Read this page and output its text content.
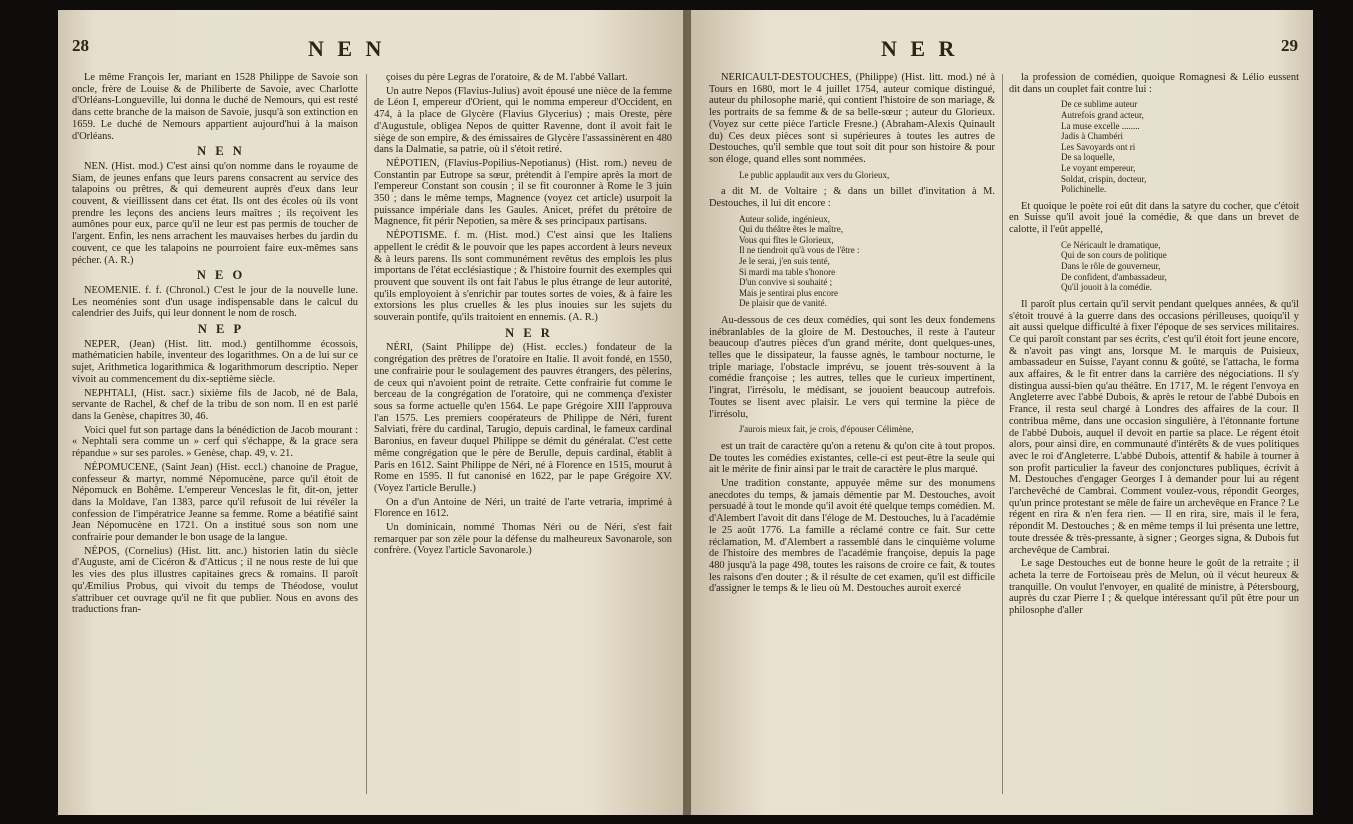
28	N E N

Le même François Ier, mariant en 1528 Philippe de Savoie son oncle, frère de Louise & de Philiberte de Savoie, avec Charlotte d'Orléans-Longueville, lui donna le duché de Nemours, qui est resté dans cette branche de la maison de Savoie, jusqu'à son extinction en 1659. Le duché de Nemours appartient aujourd'hui à la maison d'Orléans.

N E N

NEN. (Hist. mod.) C'est ainsi qu'on nomme dans le royaume de Siam, de jeunes enfans que leurs parens consacrent au service des talapoins ou prêtres, & qui demeurent auprès d'eux dans leur couvent, & vieillissent dans cet état. Ils ont des écoles où ils vont prendre les leçons des anciens leurs maîtres ; ils reçoivent les aumônes pour eux, parce qu'il ne leur est pas permis de toucher de l'argent. Enfin, les nens arrachent les mauvaises herbes du jardin du couvent, ce que les talapoins ne pourroient faire eux-mêmes sans pécher. (A. R.)

N E O

NEOMENIE. f. f. (Chronol.) C'est le jour de la nouvelle lune. Les neoménies sont d'un usage indispensable dans le calcul du calendrier des Juifs, qui leur donnent le nom de rosch.

N E P

NEPER, (Jean) (Hist. litt. mod.) gentilhomme écossois, mathématicien habile, inventeur des logarithmes. On a de lui sur ce sujet, Arithmetica logarithmica & logarithmorum descriptio. Neper vivoit au commencement du dix-septième siècle.

NEPHTALI, (Hist. sacr.) sixième fils de Jacob, né de Bala, servante de Rachel, & chef de la tribu de son nom. Il en est parlé dans la Genèse, chapitres 30, 46.

Voici quel fut son partage dans la bénédiction de Jacob mourant : « Nephtali sera comme un » cerf qui s'échappe, & la grace sera répandue » sur ses paroles. » Genèse, chap. 49, v. 21.

NÉPOMUCENE, (Saint Jean) (Hist. eccl.) chanoine de Prague, confesseur & martyr, nommé Népomucène, parce qu'il étoit de Népomuck en Bohême. L'empereur Venceslas le fit, dit-on, jetter dans la Moldave, l'an 1383, parce qu'il refusoit de lui révéler la confession de l'impératrice Jeanne sa femme. Rome a béatifié saint Jean Népomucène en 1721. On a institué sous son nom une confrairie pour demander le bon usage de la langue.

NÉPOS, (Cornelius) (Hist. litt. anc.) historien latin du siècle d'Auguste, ami de Cicéron & d'Atticus ; il ne nous reste de lui que les vies des plus illustres capitaines grecs & romains. Il paroît qu'Æmilius Probus, qui vivoit du temps de Théodose, voulut s'attribuer cet ouvrage qu'il ne fit que publier. Nous en avons des traductions fran-

çoises du père Legras de l'oratoire, & de M. l'abbé Vallart.

Un autre Nepos (Flavius-Julius) avoit épousé une nièce de la femme de Léon I, empereur d'Orient, qui le nomma empereur d'Occident, en 474, à la place de Glycère (Flavius Glycerius) ; mais Oreste, père d'Augustule, obligea Nepos de quitter Ravenne, dont il avoit fait le siège de son empire, & des émissaires de Glycère l'assassinèrent en 480 dans la Dalmatie, sa patrie, où il s'étoit retiré.

NÉPOTIEN, (Flavius-Popilius-Nepotianus) (Hist. rom.) neveu de Constantin par Eutrope sa sœur, prétendit à l'empire après la mort de l'empereur Constant son cousin ; il se fit couronner à Rome le 3 juin 350 ; dans le même temps, Magnence (voyez cet article) usurpoit la puissance impériale dans les Gaules. Anicet, préfet du prétoire de Magnence, fit périr Nepotien, sa mère & ses principaux partisans.

NÉPOTISME. f. m. (Hist. mod.) C'est ainsi que les Italiens appellent le crédit & le pouvoir que les papes accordent à leurs neveux & à leurs parens. Ils sont communément revêtus des emplois les plus importans de l'état ecclésiastique ; & l'histoire fournit des exemples qui prouvent que souvent ils ont fait l'abus le plus étrange de leur autorité, qu'ils employoient à s'enrichir par toutes sortes de voies, & à faire les extorsions les plus cruelles & les plus inouies sur les sujets du souverain pontife, qu'ils traitoient en ennemis. (A. R.)

N E R

NÉRI, (Saint Philippe de) (Hist. eccles.) fondateur de la congrégation des prêtres de l'oratoire en Italie. Il avoit fondé, en 1550, une confrairie pour le soulagement des pauvres étrangers, des pèlerins, de ceux qui n'avoient point de retraite. Cette confrairie fut comme le berceau de la congrégation de l'oratoire, qui ne commença d'exister sous sa forme actuelle qu'en 1564. Le pape Grégoire XIII l'approuva l'an 1575. Les premiers coopérateurs de Philippe de Néri, furent Salviati, frère du cardinal, Tarugio, depuis cardinal, le fameux cardinal Baronius, en faveur duquel Philippe se démit du généralat. C'est cette même congrégation que le père de Berulle, depuis cardinal, établit à Paris en 1612. Saint Philippe de Néri, né à Florence en 1515, mourut à Rome en 1595. Il fut canonisé en 1622, par le pape Grégoire XV. (Voyez l'article Berulle.)

On a d'un Antoine de Néri, un traité de l'arte vetraria, imprimé à Florence en 1612.

Un dominicain, nommé Thomas Néri ou de Néri, s'est fait remarquer par son zèle pour la défense du malheureux Savonarole, son confrère. (Voyez l'article Savonarole.)

N E R	29

NÉRICAULT-DESTOUCHES, (Philippe) (Hist. litt. mod.) né à Tours en 1680, mort le 4 juillet 1754, auteur comique distingué, auteur du philosophe marié, qui contient l'histoire de son mariage, & les portraits de sa femme & de sa belle-sœur ; auteur du Glorieux. (Voyez sur cette pièce l'article Fresne.) (Abraham-Alexis Quinault du) Ces deux pièces sont si supérieures à toutes les autres de Destouches, qu'il semble que tout soit dit pour son histoire & pour son éloge, quand elles sont nommées.

Le public applaudit aux vers du Glorieux,

a dit M. de Voltaire ; & dans un billet d'invitation à M. Destouches, il lui dit encore :

Auteur solide, ingénieux,
Qui du théâtre êtes le maître,
Vous qui fîtes le Glorieux,
Il ne tiendroit qu'à vous de l'être :
Je le serai, j'en suis tenté,
Si mardi ma table s'honore
D'un convive si souhaité ;
Mais je sentirai plus encore
De plaisir que de vanité.

Au-dessous de ces deux comédies, qui sont les deux fondemens inébranlables de la gloire de M. Destouches, il reste à l'auteur beaucoup d'autres pièces d'un grand mérite, dont quelques-unes, telles que le dissipateur, la fausse agnès, le tambour nocturne, le triple mariage, l'obstacle imprévu, se jouent très-souvent à la comédie françoise ; les autres, telles que le curieux impertinent, l'ingrat, l'irrésolu, le médisant, se jouoient beaucoup autrefois. Toutes se lisent avec plaisir. Le vers qui termine la pièce de l'irrésolu,

J'aurois mieux fait, je crois, d'épouser Célimène,

est un trait de caractère qu'on a retenu & qu'on cite à tout propos. De toutes les comédies existantes, celle-ci est peut-être la seule qui ait le mérite de finir ainsi par le trait de caractère le plus marqué.

Une tradition constante, appuyée même sur des monumens anecdotes du temps, & jamais démentie par M. Destouches, avoit persuadé à tout le monde qu'il avoit été quelque temps comédien. M. d'Alembert l'avoit dit dans l'éloge de M. Destouches, lu à l'académie le 25 août 1776. La famille a réclamé contre ce fait. Sur cette réclamation, M. d'Alembert a rassemblé dans le cinquième volume de l'histoire des membres de l'académie françoise, depuis la page 480 jusqu'à la page 498, toutes les raisons de croire ce fait, & toutes les raisons d'en douter ; & il résulte de cet examen, qu'il est difficile d'assigner le temps & le lieu où M. Destouches auroit exercé

la profession de comédien, quoique Romagnesi & Lélio eussent dit dans un couplet fait contre lui :

De ce sublime auteur
Autrefois grand acteur,
La muse excelle ........
Jadis à Chambéri
Les Savoyards ont ri
De sa loquelle,
Le voyant empereur,
Soldat, crispin, docteur,
Polichinelle.

Et quoique le poète roi eût dit dans la satyre du cocher, que c'étoit en Suisse qu'il avoit joué la comédie, & que dans un brevet de calotte, il l'eût appellé,

Ce Néricault le dramatique,
Qui de son cours de politique
Dans le rôle de gouverneur,
De confident, d'ambassadeur,
Qu'il jouoit à la comédie.

Il paroît plus certain qu'il servit pendant quelques années, & qu'il s'étoit trouvé à la guerre dans des occasions périlleuses, quoiqu'il y ait aussi quelque difficulté à fixer l'époque de ses services militaires. Ce qui paroît constant par ses écrits, c'est qu'il étoit fort jeune encore, & n'avoit pas vingt ans, lorsque M. le marquis de Puisieux, ambassadeur en Suisse, l'ayant connu & goûté, se l'attacha, le forma aux affaires, & le fit entrer dans la carrière des négociations. Il s'y distingua aussi-bien qu'au théâtre. En 1717, M. le régent l'envoya en Angleterre avec l'abbé Dubois, & après le retour de l'abbé Dubois en France, il resta seul chargé à Londres des affaires de la cour. Il contribua même, dans une occasion singulière, à l'étonnante fortune de l'abbé Dubois, auquel il devoit en partie sa place. Le régent étoit alors, pour ainsi dire, en communauté d'intérêts & de vues politiques avec le roi d'Angleterre. L'abbé Dubois, attentif & habile à tourner à son profit particulier la faveur des conjonctures publiques, écrivit à M. Destouches d'engager Georges I à demander pour lui au régent l'archevêché de Cambrai. Comment voulez-vous, répondit Georges, qu'un prince protestant se mêle de faire un archevêque en France ? Le régent en rira & n'en fera rien. — Il en rira, sire, mais il le fera, répondit M. Destouches ; & en même temps il lui présenta une lettre, toute dressée & très-pressante, à signer ; Georges signa, & Dubois fut archevêque de Cambrai.

Le sage Destouches eut de bonne heure le goût de la retraite ; il acheta la terre de Fortoiseau près de Melun, où il vécut heureux & tranquille. On voulut l'envoyer, en qualité de ministre, à Pétersbourg, auprès du czar Pierre I ; & quelque intéressant qu'il pût être pour un philosophe d'aller
